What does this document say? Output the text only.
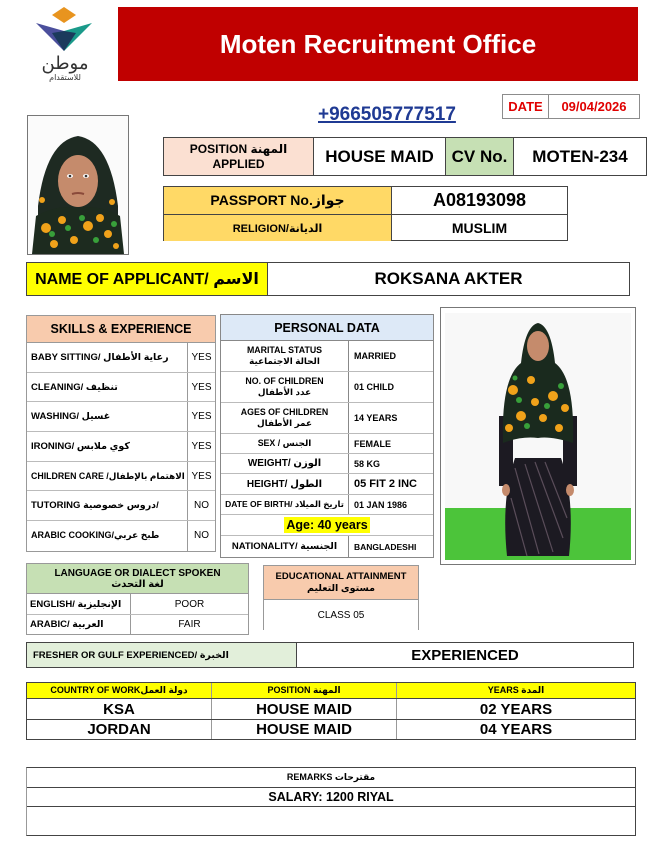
موطن
للاستقدام
Moten Recruitment Office
+966505777517	DATE	09/04/2026
POSITION المهنة
APPLIED	HOUSE MAID	CV No.	MOTEN-234
PASSPORT No.جواز	A08193098
RELIGION/الديانة	MUSLIM
NAME OF APPLICANT/ الاسم	ROKSANA AKTER
SKILLS & EXPERIENCE
BABY SITTING/ رعاية الأطفال	YES
CLEANING/ تنظيف	YES
WASHING/ غسيل	YES
IRONING/ كوي ملابس	YES
CHILDREN CARE /الاهتمام بالإطفال YES
TUTORING دروس خصوصية/	NO
ARABIC COOKING/طبخ عربي	NO
PERSONAL DATA
MARITAL STATUS
الحالة الاجتماعية	MARRIED
NO. OF CHILDREN
عدد الأطفال	01 CHILD
AGES OF CHILDREN
عمر الأطفال	14 YEARS
SEX / الجنس	FEMALE
WEIGHT/ الوزن	58 KG
HEIGHT/ الطول	05 FIT 2 INC
DATE OF BIRTH/ تاريخ الميلاد	01 JAN 1986
Age: 40 years
NATIONALITY/ الجنسية	BANGLADESHI
LANGUAGE OR DIALECT SPOKEN
لغة التحدث
ENGLISH/ الإنجليزية	POOR
ARABIC/ العربية	FAIR
EDUCATIONAL ATTAINMENT
مستوى التعليم
CLASS 05
FRESHER OR GULF EXPERIENCED/ الخبرة	EXPERIENCED
COUNTRY OF WORKدولة العمل	POSITION المهنة	YEARS المدة
KSA	HOUSE MAID	02 YEARS
JORDAN	HOUSE MAID	04 YEARS
REMARKS مقترحات
SALARY: 1200 RIYAL
